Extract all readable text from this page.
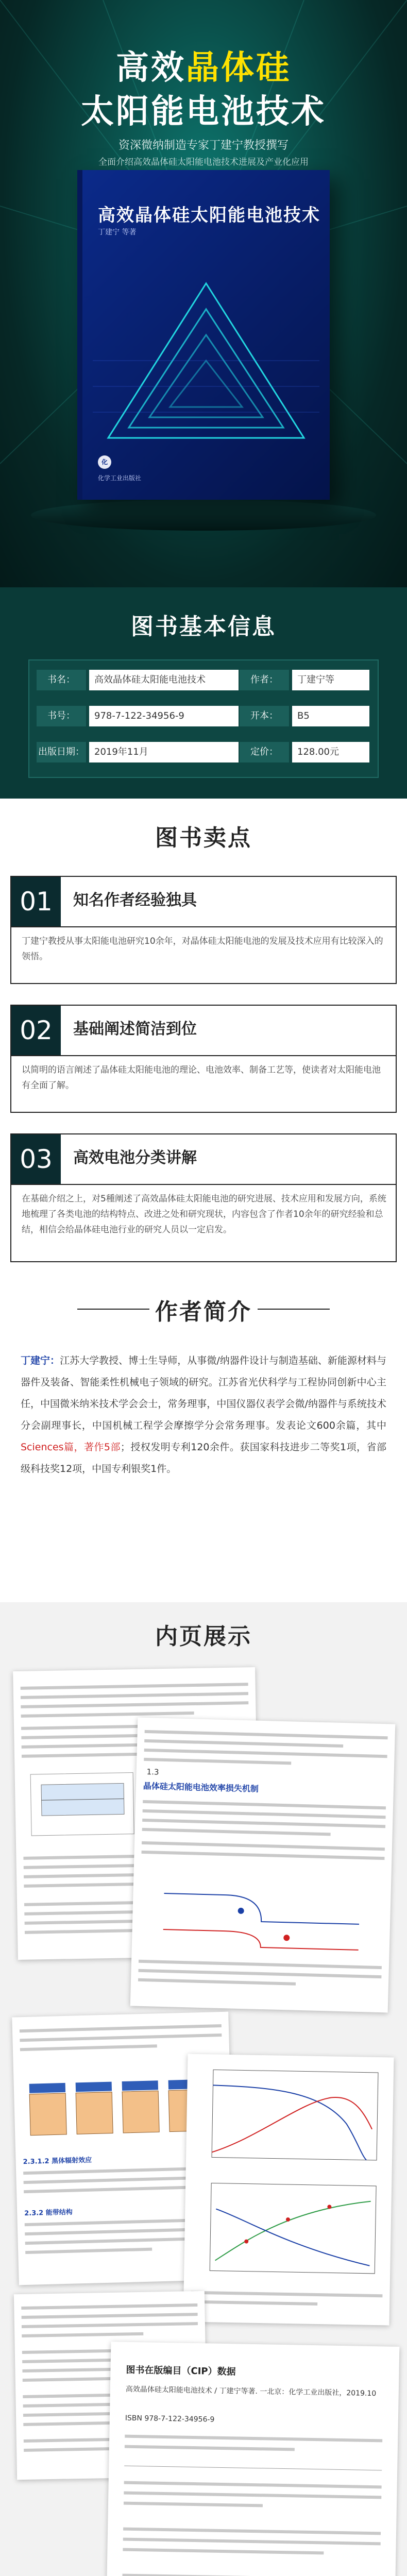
高效晶体硅
太阳能电池技术
资深微纳制造专家丁建宁教授撰写
全面介绍高效晶体硅太阳能电池技术进展及产业化应用
高效晶体硅太阳能电池技术
丁建宁 等著
化
化学工业出版社
图书基本信息
书名：	高效晶体硅太阳能电池技术	作者：	丁建宁等
书号：	978-7-122-34956-9	开本：	B5
出版日期：	2019年11月	定价：	128.00元
图书卖点
01	知名作者经验独具
丁建宁教授从事太阳能电池研究10余年，对晶体硅太阳能电池的发展及技术应用有比较深入的领悟。
02	基础阐述简洁到位
以简明的语言阐述了晶体硅太阳能电池的理论、电池效率、制备工艺等，使读者对太阳能电池有全面了解。
03	高效电池分类讲解
在基础介绍之上，对5種阐述了高效晶体硅太阳能电池的研究进展、技术应用和发展方向，系统地梳理了各类电池的结构特点、改进之处和研究现状，内容包含了作者10余年的研究经验和总结，相信会给晶体硅电池行业的研究人员以一定启发。
作者简介
丁建宁：江苏大学教授、博士生导师，从事微/纳器件设计与制造基础、新能源材料与器件及装备、智能柔性机械电子领域的研究。江苏省光伏科学与工程协同创新中心主任，中国微米纳米技术学会会士，常务理事，中国仪器仪表学会微/纳器件与系统技术分会副理事长，中国机械工程学会摩擦学分会常务理事。发表论文600余篇，其中Sciences篇，著作5部；授权发明专利120余件。获国家科技进步二等奖1项，省部级科技奖12项，中国专利银奖1件。
内页展示
1.3
晶体硅太阳能电池效率损失机制
2.3.1.2 黑体辐射效应
2.3.2 能带结构
图书在版编目（CIP）数据
高效晶体硅太阳能电池技术 / 丁建宁等著. 一北京：化学工业出版社，2019.10
ISBN 978-7-122-34956-9
